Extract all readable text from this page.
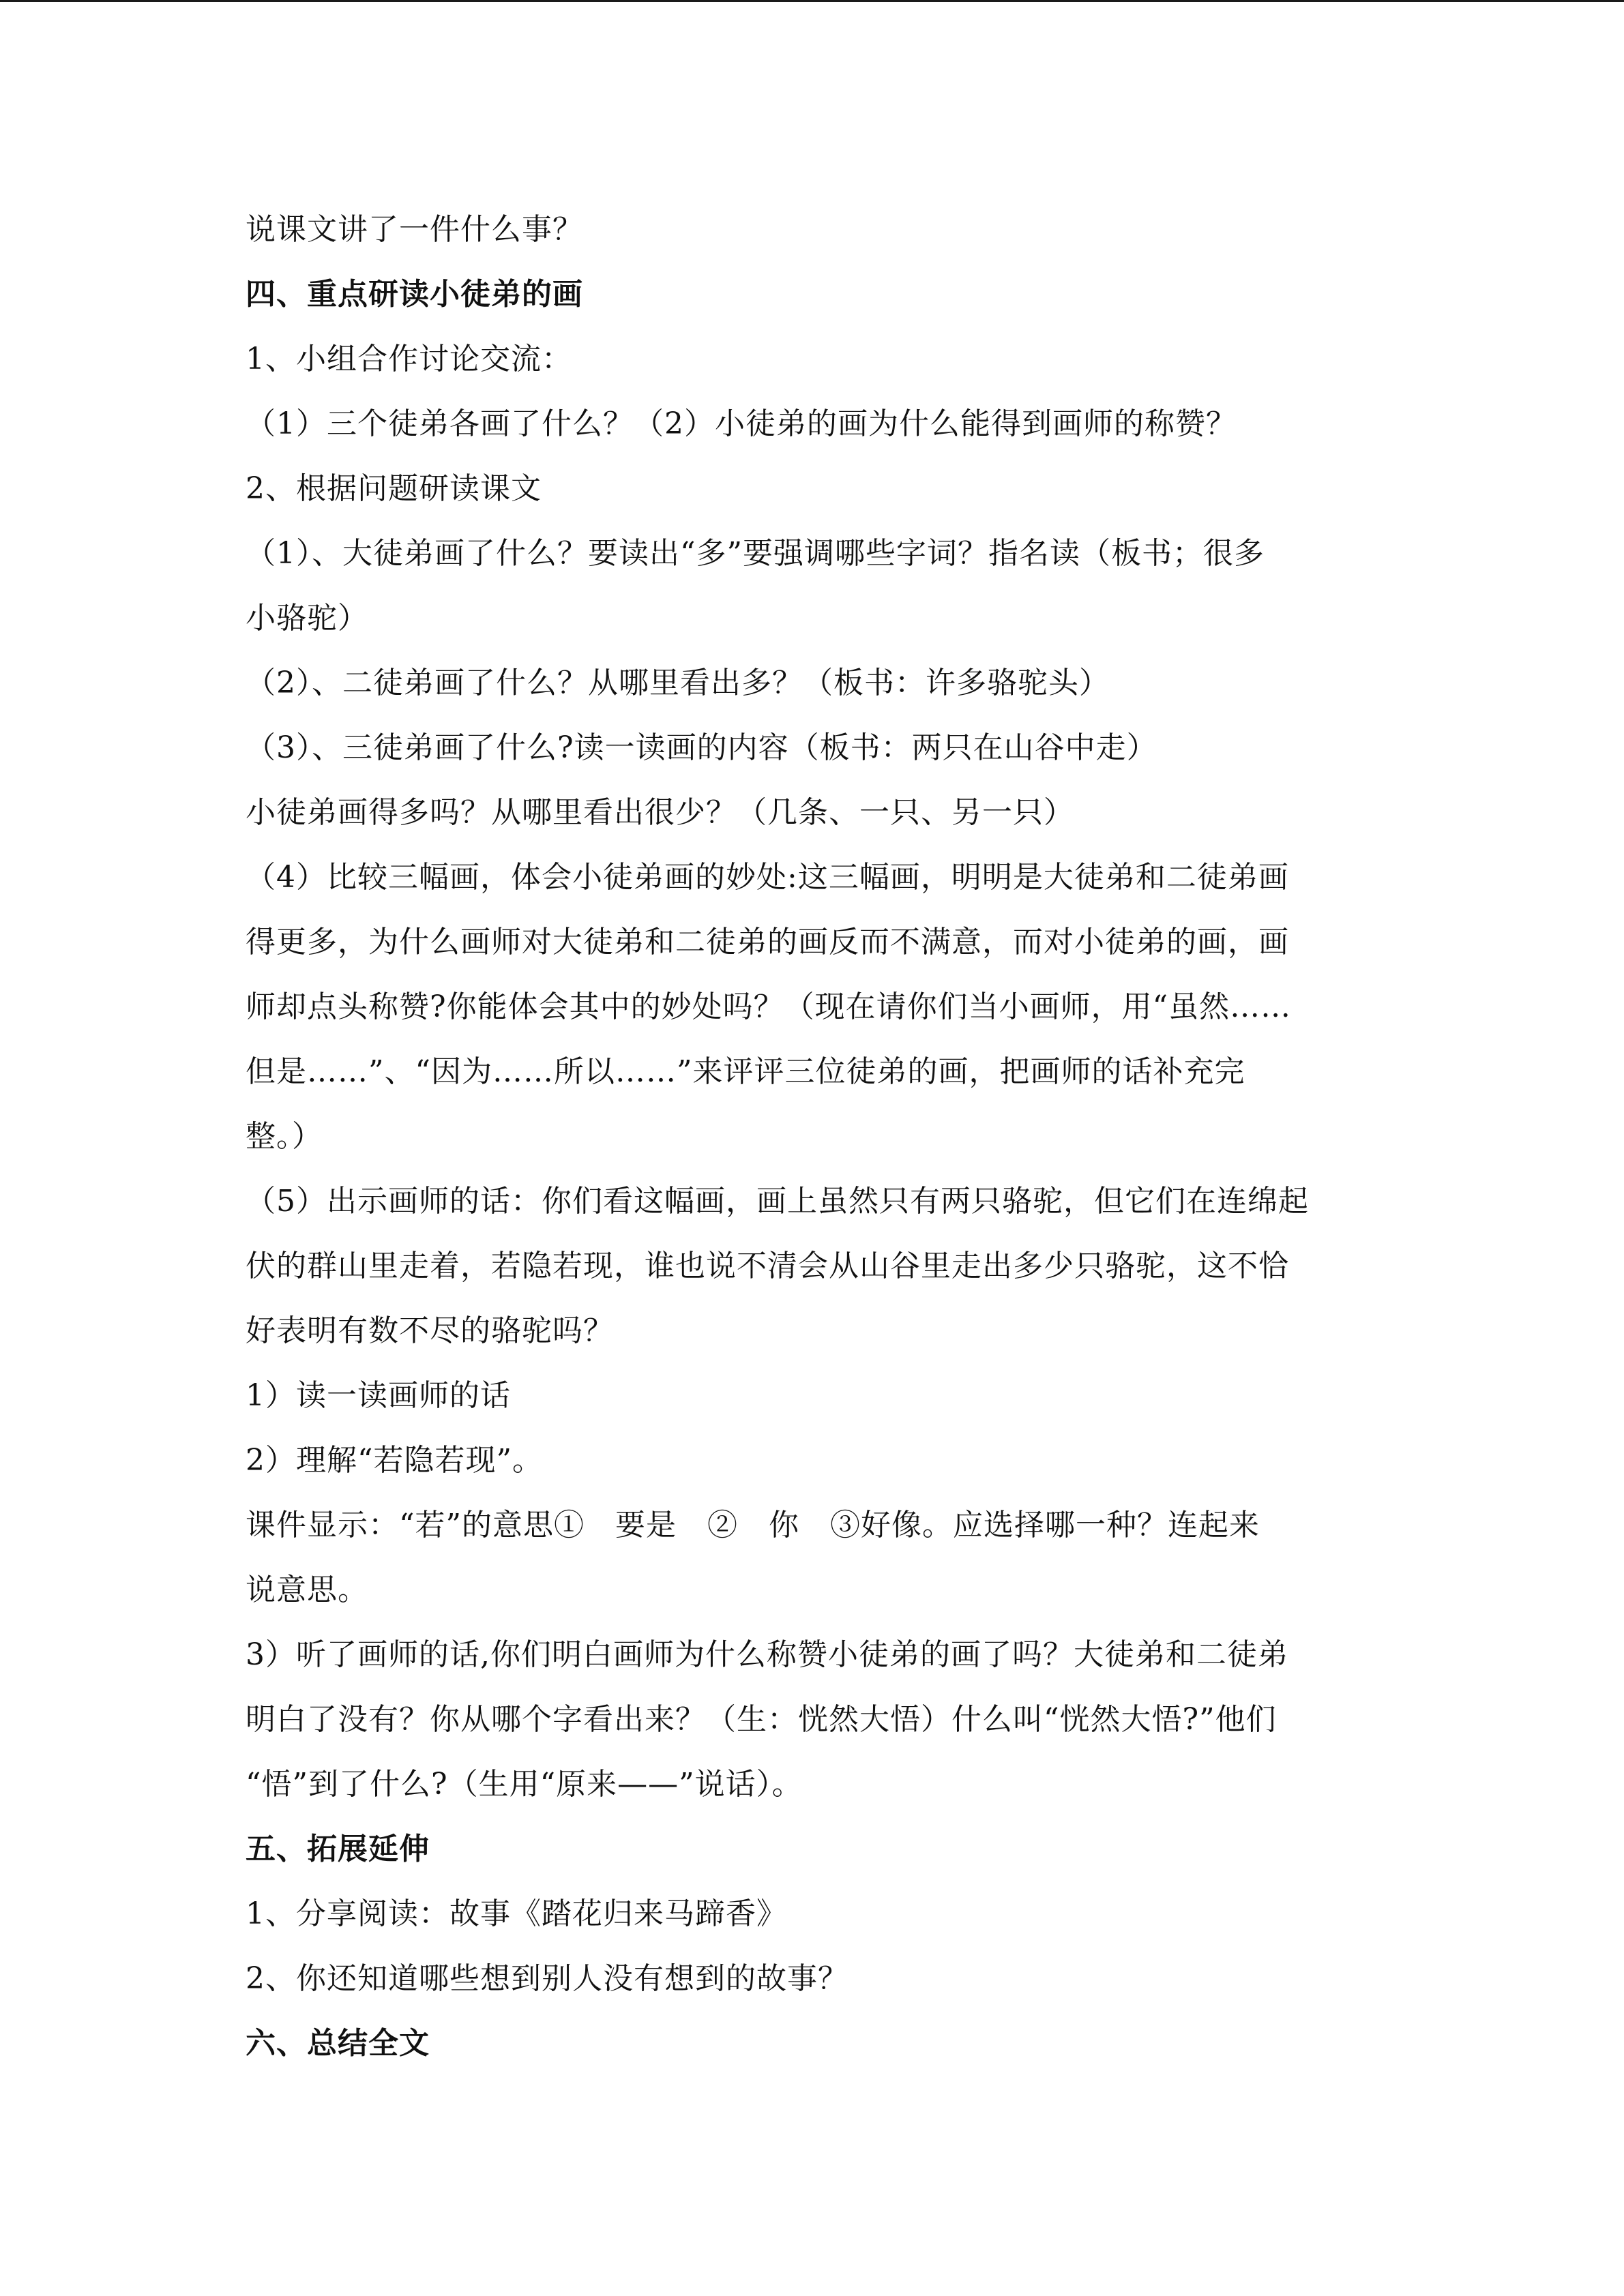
说课文讲了一件什么事？
四、重点研读小徒弟的画
1、小组合作讨论交流：
（1）三个徒弟各画了什么？（2）小徒弟的画为什么能得到画师的称赞？
2、根据问题研读课文
（1）、大徒弟画了什么？要读出“多”要强调哪些字词？指名读（板书；很多
小骆驼）
（2）、二徒弟画了什么？从哪里看出多？（板书：许多骆驼头）
（3）、三徒弟画了什么?读一读画的内容（板书：两只在山谷中走）
小徒弟画得多吗？从哪里看出很少？（几条、一只、另一只）
（4）比较三幅画，体会小徒弟画的妙处:这三幅画，明明是大徒弟和二徒弟画
得更多，为什么画师对大徒弟和二徒弟的画反而不满意，而对小徒弟的画，画
师却点头称赞?你能体会其中的妙处吗？（现在请你们当小画师，用“虽然……
但是……”、“因为……所以……”来评评三位徒弟的画，把画师的话补充完
整。）
（5）出示画师的话：你们看这幅画，画上虽然只有两只骆驼，但它们在连绵起
伏的群山里走着，若隐若现，谁也说不清会从山谷里走出多少只骆驼，这不恰
好表明有数不尽的骆驼吗？
1）读一读画师的话
2）理解“若隐若现”。
课件显示：“若”的意思①　要是　②　你　③好像。应选择哪一种？连起来
说意思。
3）听了画师的话,你们明白画师为什么称赞小徒弟的画了吗？大徒弟和二徒弟
明白了没有？你从哪个字看出来？（生：恍然大悟）什么叫“恍然大悟?”他们
“悟”到了什么?（生用“原来——”说话）。
五、拓展延伸
1、分享阅读：故事《踏花归来马蹄香》
2、你还知道哪些想到别人没有想到的故事？
六、总结全文
